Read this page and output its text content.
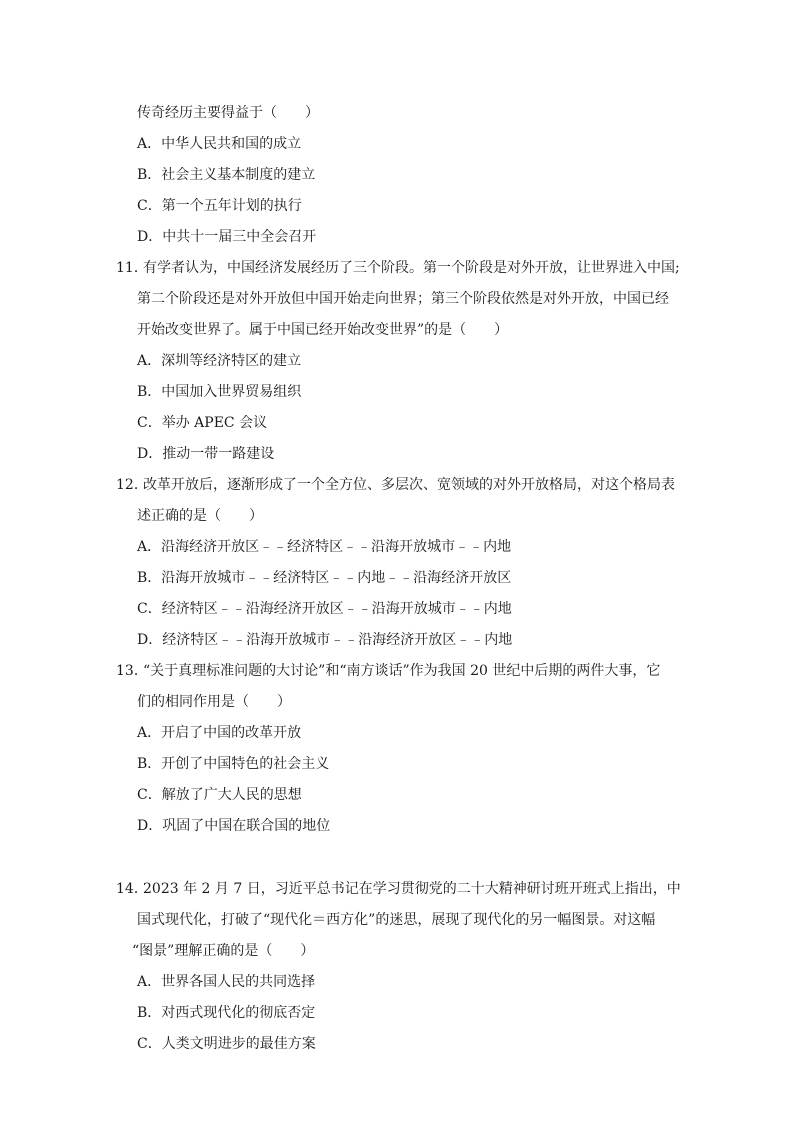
传奇经历主要得益于（　　）
A．中华人民共和国的成立
B．社会主义基本制度的建立
C．第一个五年计划的执行
D．中共十一届三中全会召开
11．
有学者认为，中国经济发展经历了三个阶段。第一个阶段是对外开放，让世界进入中国;
第二个阶段还是对外开放但中国开始走向世界；第三个阶段依然是对外开放，中国已经
开始改变世界了。属于中国已经开始改变世界”的是（　　）
A．深圳等经济特区的建立
B．中国加入世界贸易组织
C．举办 APEC 会议
D．推动一带一路建设
12．
改革开放后，逐渐形成了一个全方位、多层次、宽领域的对外开放格局，对这个格局表
述正确的是（　　）
A．沿海经济开放区﹣﹣经济特区﹣﹣沿海开放城市﹣﹣内地
B．沿海开放城市﹣﹣经济特区﹣﹣内地﹣﹣沿海经济开放区
C．经济特区﹣﹣沿海经济开放区﹣﹣沿海开放城市﹣﹣内地
D．经济特区﹣﹣沿海开放城市﹣﹣沿海经济开放区﹣﹣内地
13．
“关于真理标准问题的大讨论”和“南方谈话”作为我国 20 世纪中后期的两件大事，它
们的相同作用是（　　）
A．开启了中国的改革开放
B．开创了中国特色的社会主义
C．解放了广大人民的思想
D．巩固了中国在联合国的地位
14．
2023 年 2 月 7 日，习近平总书记在学习贯彻党的二十大精神研讨班开班式上指出，中
国式现代化，打破了“现代化＝西方化”的迷思，展现了现代化的另一幅图景。对这幅
“图景”理解正确的是（　　）
A．世界各国人民的共同选择
B．对西式现代化的彻底否定
C．人类文明进步的最佳方案
